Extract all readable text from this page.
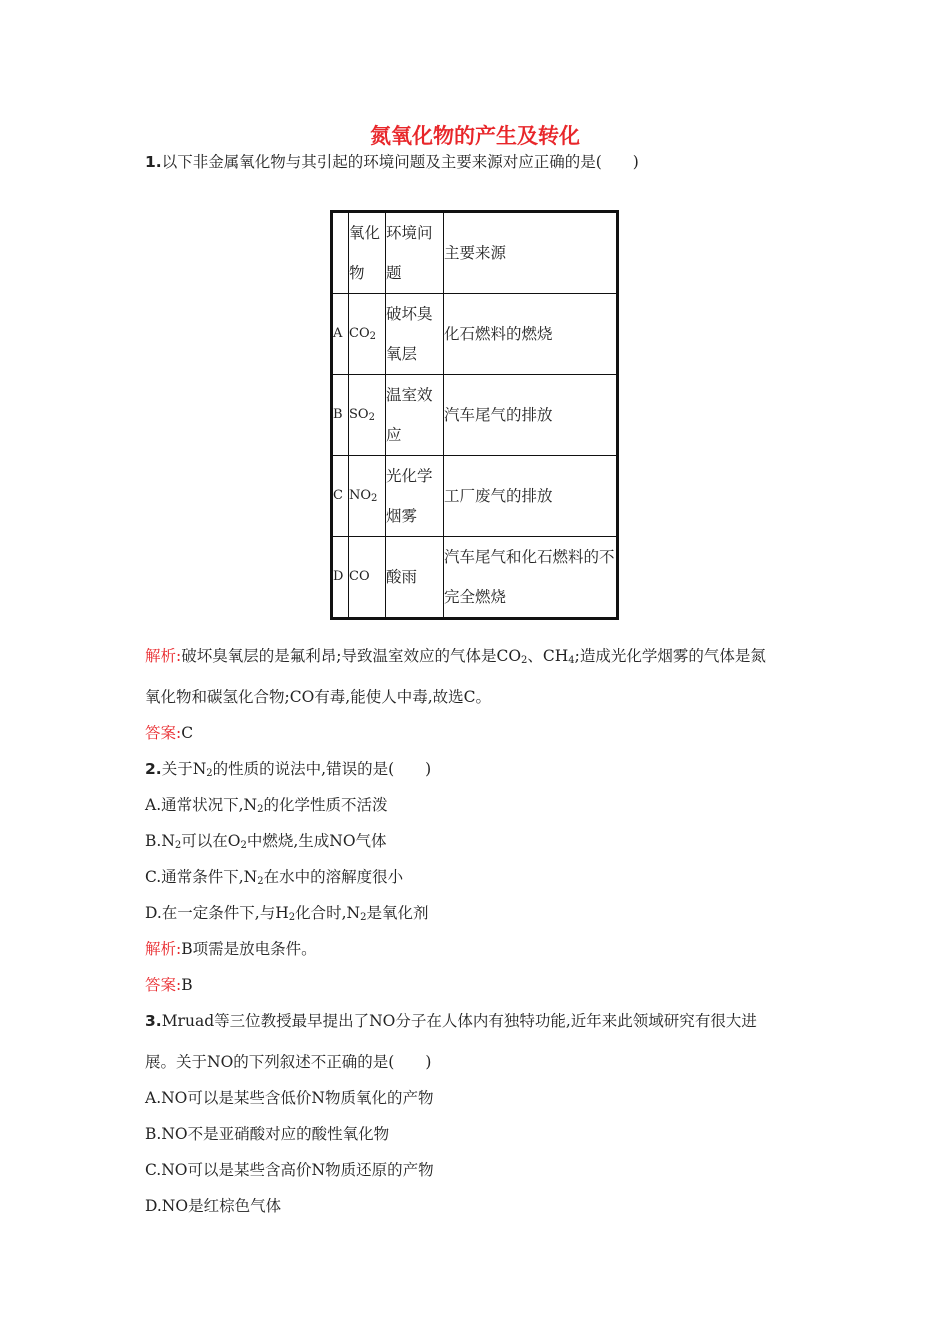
氮氧化物的产生及转化
1.以下非金属氧化物与其引起的环境问题及主要来源对应正确的是(　　)
	氧化物	环境问题	主要来源
A	$CO_2$	破坏臭氧层	化石燃料的燃烧
B	$SO_2$	温室效应	汽车尾气的排放
C	$NO_2$	光化学烟雾	工厂废气的排放
D	CO	酸雨	汽车尾气和化石燃料的不完全燃烧
解析:破坏臭氧层的是氟利昂;导致温室效应的气体是$CO_2$、$CH_4$;造成光化学烟雾的气体是氮
氧化物和碳氢化合物;CO有毒,能使人中毒,故选C。
答案:C
2.关于$N_2$的性质的说法中,错误的是(　　)
A.通常状况下$,N_2$的化学性质不活泼
$B.N_2$可以在$O_2$中燃烧,生成NO气体
C.通常条件下$,N_2$在水中的溶解度很小
D.在一定条件下,与$H_2$化合时$,N_2$是氧化剂
解析:B项需是放电条件。
答案:B
3.Mruad等三位教授最早提出了NO分子在人体内有独特功能,近年来此领域研究有很大进
展。关于NO的下列叙述不正确的是(　　)
A.NO可以是某些含低价N物质氧化的产物
B.NO不是亚硝酸对应的酸性氧化物
C.NO可以是某些含高价N物质还原的产物
D.NO是红棕色气体
